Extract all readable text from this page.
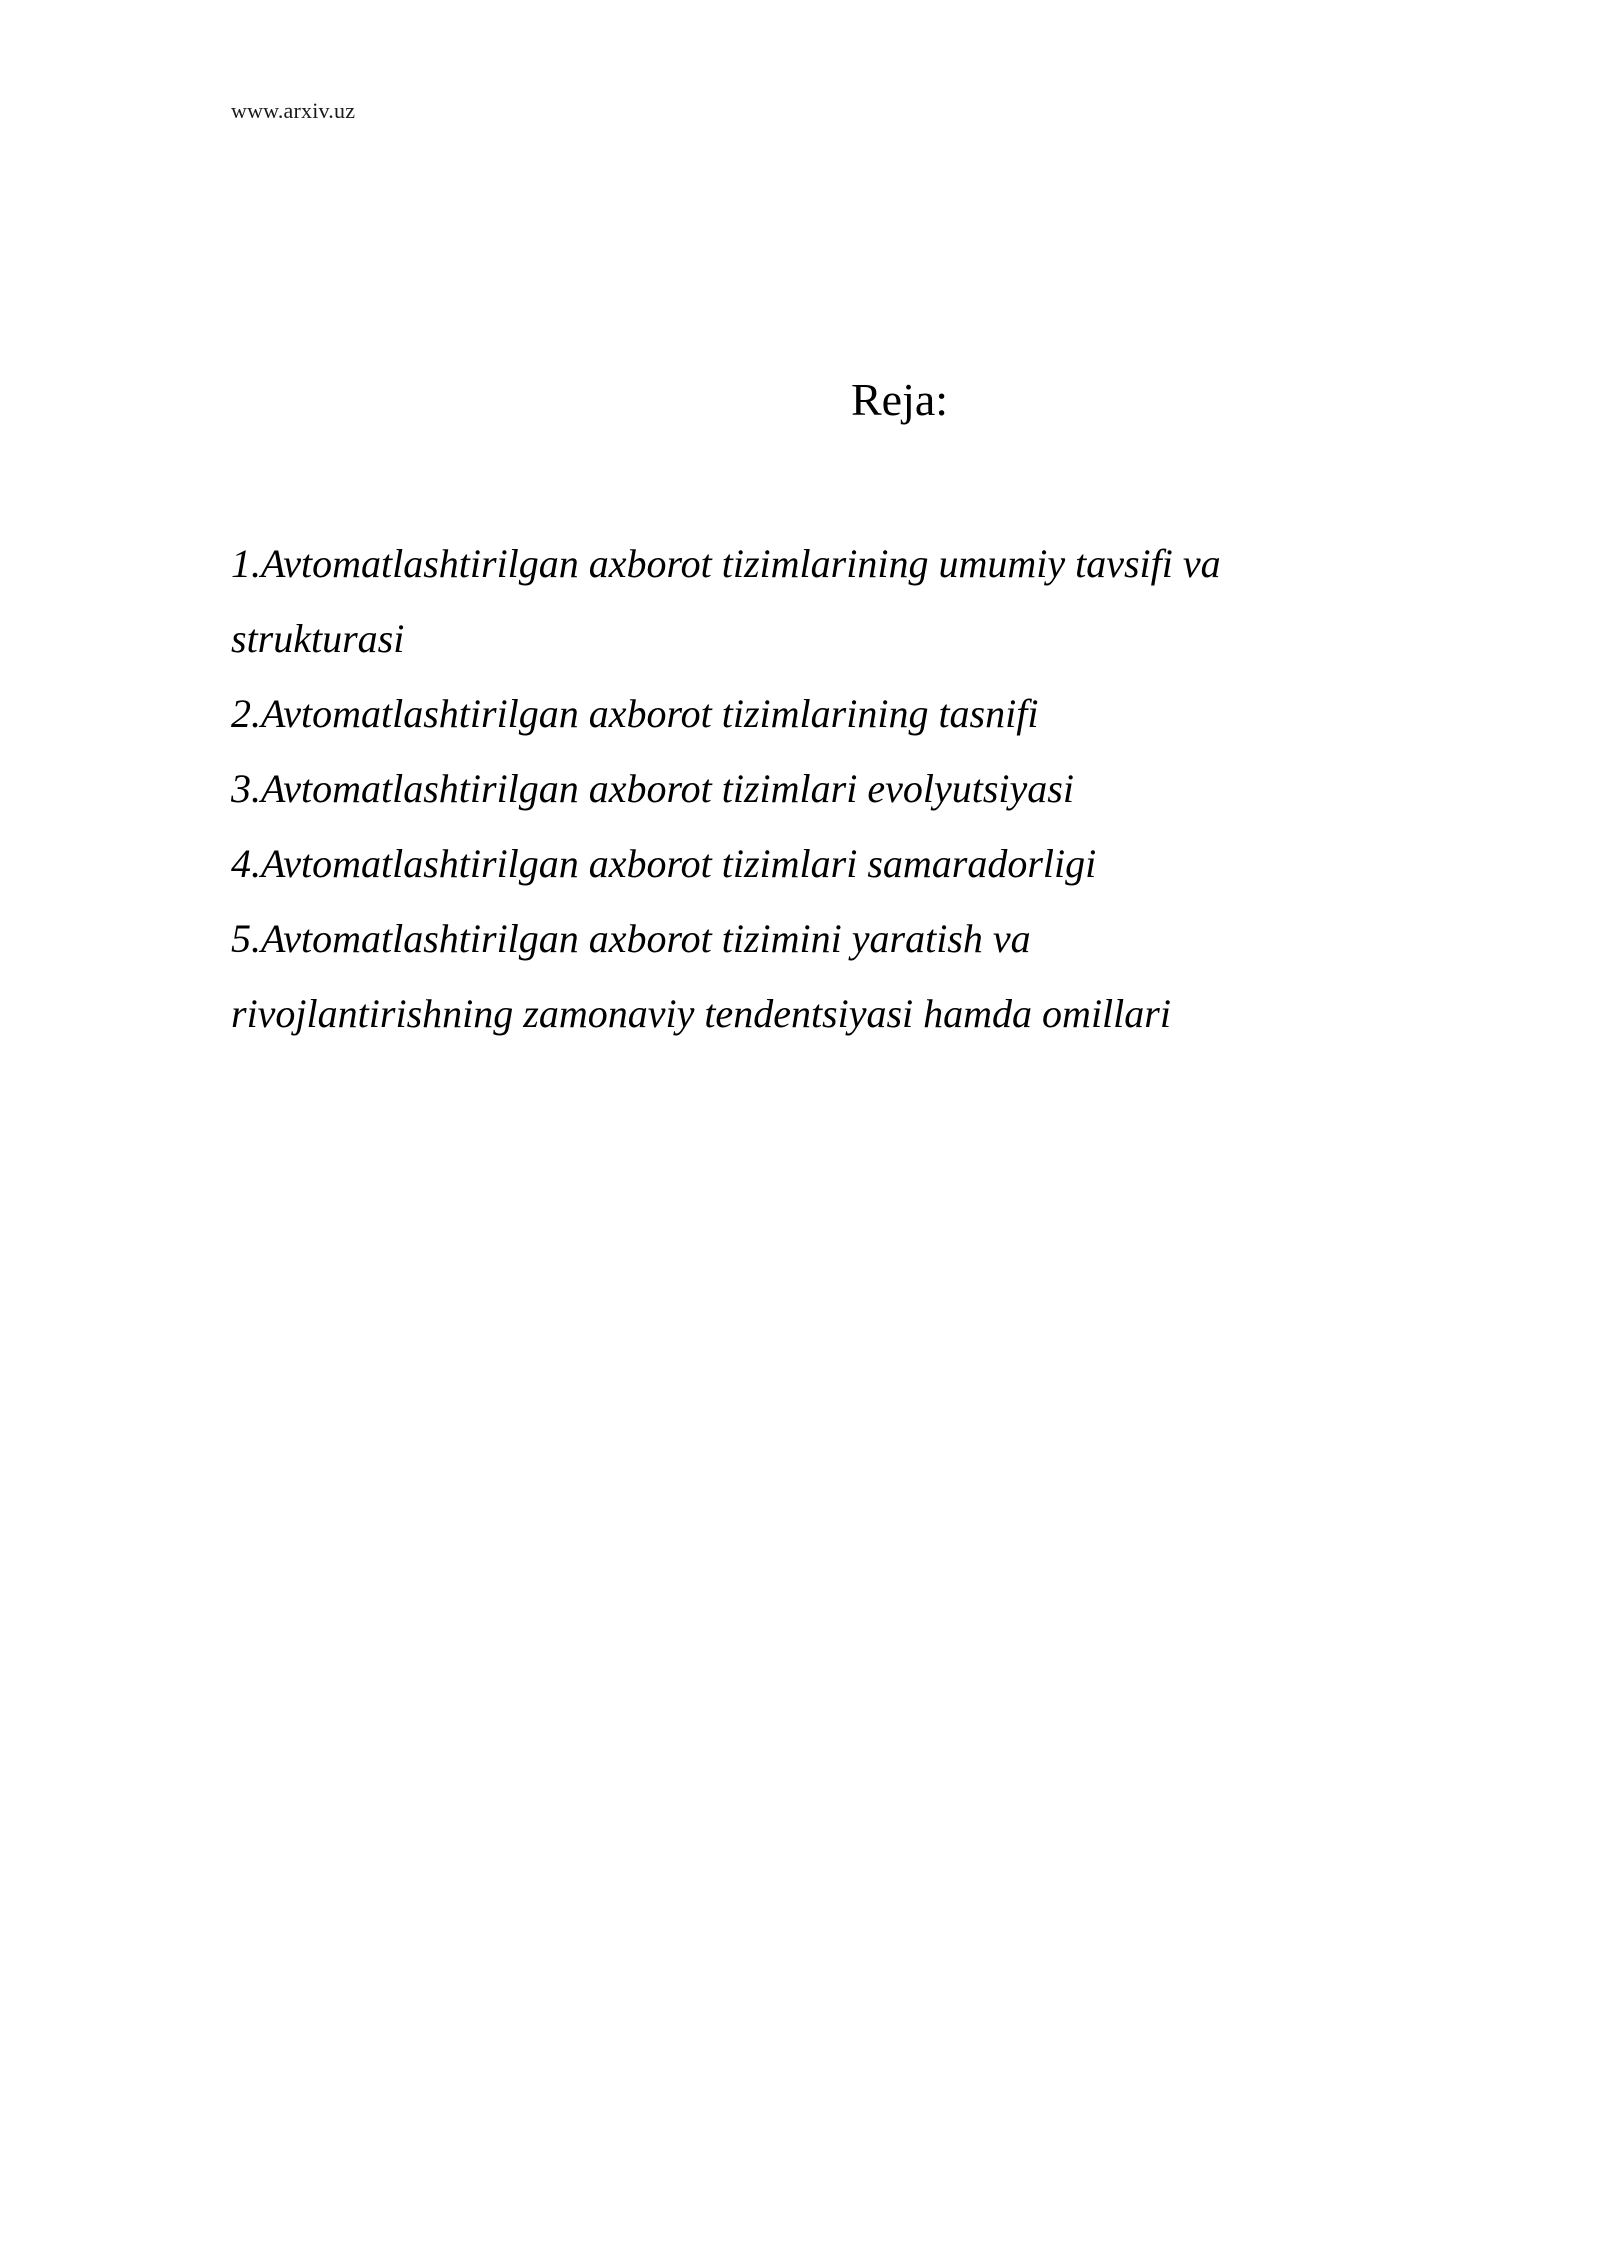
www.arxiv.uz
Reja:
1.Avtomatlashtirilgan axborot tizimlarining umumiy tavsifi va
strukturasi
2.Avtomatlashtirilgan axborot tizimlarining tasnifi
3.Avtomatlashtirilgan axborot tizimlari evolyutsiyasi
4.Avtomatlashtirilgan axborot tizimlari samaradorligi
5.Avtomatlashtirilgan axborot tizimini yaratish va
rivojlantirishning zamonaviy tendentsiyasi hamda omillari
